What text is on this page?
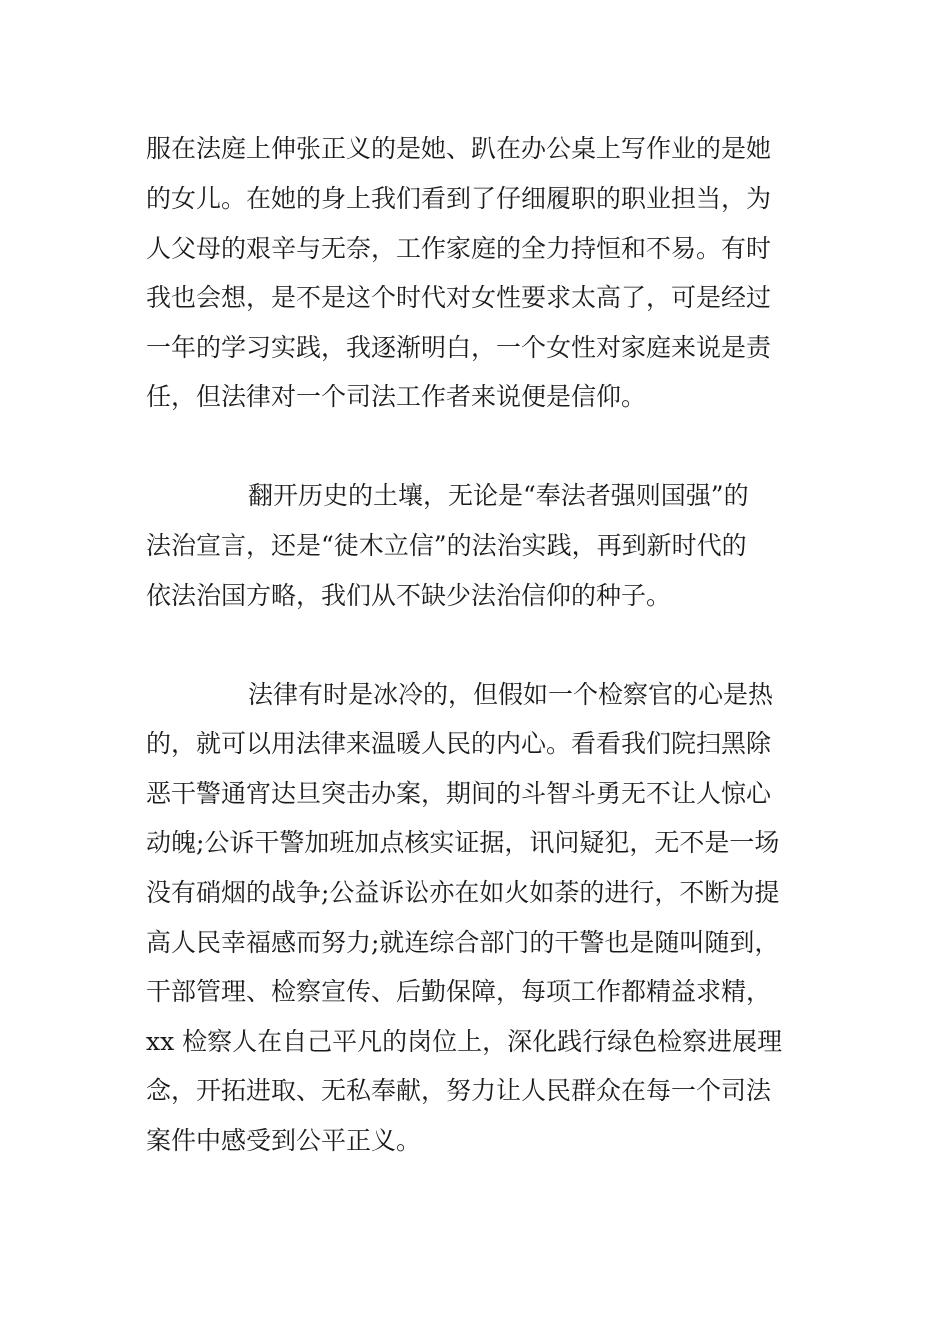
服在法庭上伸张正义的是她、趴在办公桌上写作业的是她

的女儿。在她的身上我们看到了仔细履职的职业担当，为

人父母的艰辛与无奈，工作家庭的全力持恒和不易。有时

我也会想，是不是这个时代对女性要求太高了，可是经过

一年的学习实践，我逐渐明白，一个女性对家庭来说是责

任，但法律对一个司法工作者来说便是信仰。

翻开历史的土壤，无论是“奉法者强则国强”的

法治宣言，还是“徒木立信”的法治实践，再到新时代的

依法治国方略，我们从不缺少法治信仰的种子。

法律有时是冰冷的，但假如一个检察官的心是热

的，就可以用法律来温暖人民的内心。看看我们院扫黑除

恶干警通宵达旦突击办案，期间的斗智斗勇无不让人惊心

动魄;公诉干警加班加点核实证据，讯问疑犯，无不是一场

没有硝烟的战争;公益诉讼亦在如火如荼的进行，不断为提

高人民幸福感而努力;就连综合部门的干警也是随叫随到，

干部管理、检察宣传、后勤保障，每项工作都精益求精，

xx 检察人在自己平凡的岗位上，深化践行绿色检察进展理

念，开拓进取、无私奉献，努力让人民群众在每一个司法

案件中感受到公平正义。
